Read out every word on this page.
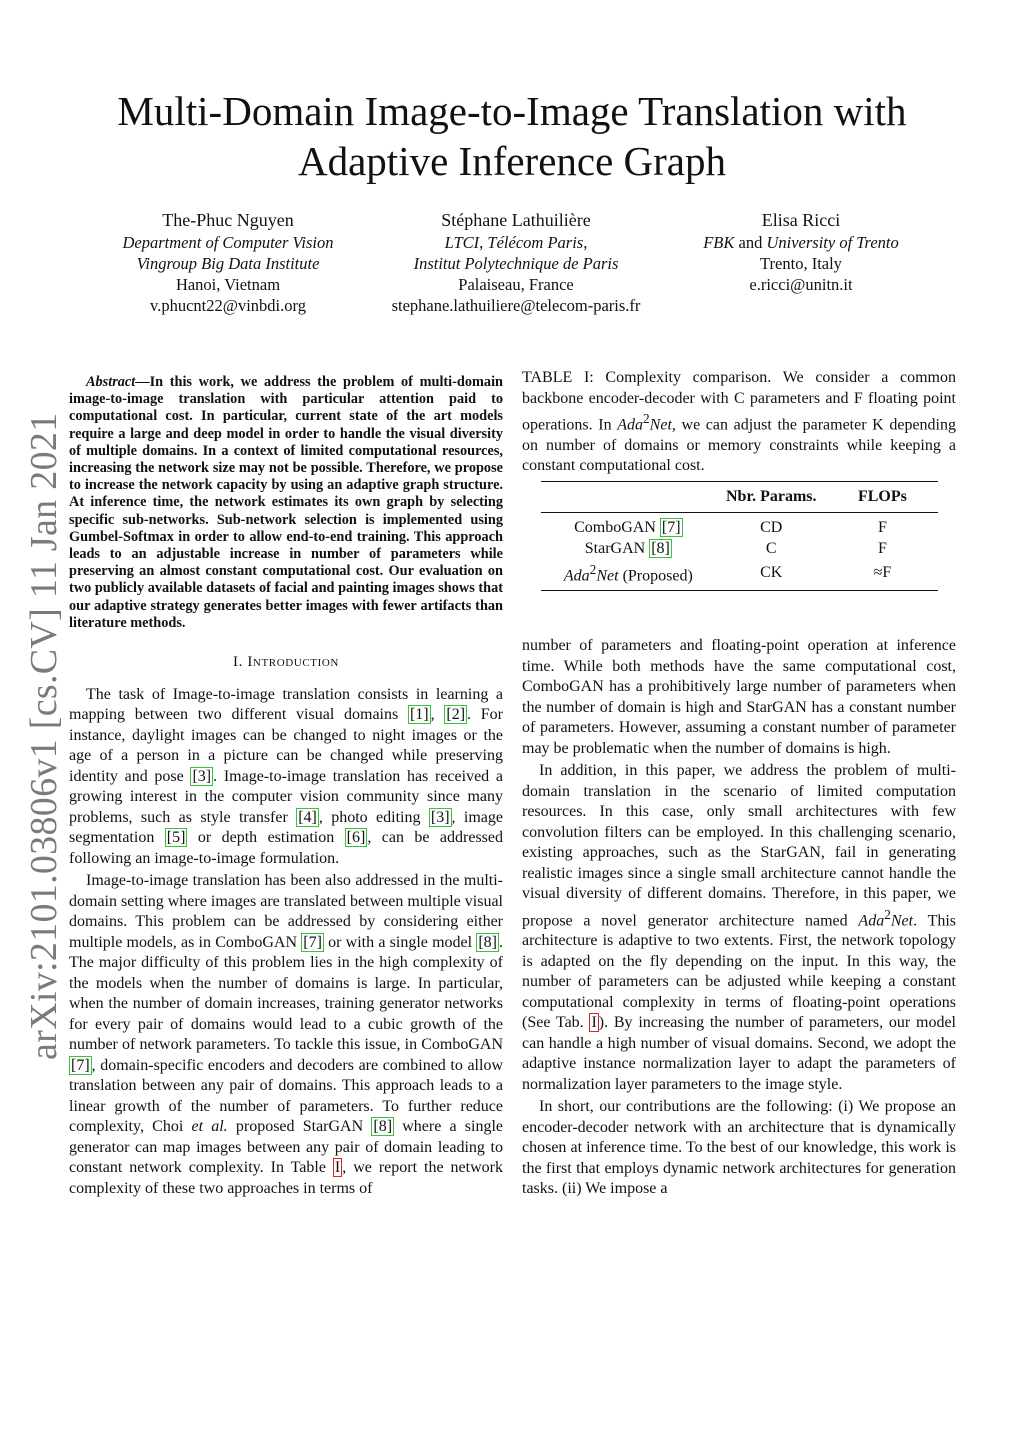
arXiv:2101.03806v1 [cs.CV] 11 Jan 2021
Multi-Domain Image-to-Image Translation with
Adaptive Inference Graph
The-Phuc Nguyen
Department of Computer Vision
Vingroup Big Data Institute
Hanoi, Vietnam
v.phucnt22@vinbdi.org
Stéphane Lathuilière
LTCI, Télécom Paris,
Institut Polytechnique de Paris
Palaiseau, France
stephane.lathuiliere@telecom-paris.fr
Elisa Ricci
FBK and University of Trento
Trento, Italy
e.ricci@unitn.it

Abstract—In this work, we address the problem of multi-domain image-to-image translation with particular attention paid to computational cost. In particular, current state of the art models require a large and deep model in order to handle the visual diversity of multiple domains. In a context of limited computational resources, increasing the network size may not be possible. Therefore, we propose to increase the network capacity by using an adaptive graph structure. At inference time, the network estimates its own graph by selecting specific sub-networks. Sub-network selection is implemented using Gumbel-Softmax in order to allow end-to-end training. This approach leads to an adjustable increase in number of parameters while preserving an almost constant computational cost. Our evaluation on two publicly available datasets of facial and painting images shows that our adaptive strategy generates better images with fewer artifacts than literature methods.

I. Introduction

The task of Image-to-image translation consists in learning a mapping between two different visual domains [1] , [2] . For instance, daylight images can be changed to night images or the age of a person in a picture can be changed while preserving identity and pose [3] . Image-to-image translation has received a growing interest in the computer vision community since many problems, such as style transfer [4] , photo editing [3] , image segmentation [5] or depth estimation [6] , can be addressed following an image-to-image formulation.

Image-to-image translation has been also addressed in the multi-domain setting where images are translated between multiple visual domains. This problem can be addressed by considering either multiple models, as in ComboGAN [7] or with a single model [8] . The major difficulty of this problem lies in the high complexity of the models when the number of domains is large. In particular, when the number of domain increases, training generator networks for every pair of domains would lead to a cubic growth of the number of network parameters. To tackle this issue, in ComboGAN [7] , domain-specific encoders and decoders are combined to allow translation between any pair of domains. This approach leads to a linear growth of the number of parameters. To further reduce complexity, Choi et al. proposed StarGAN [8] where a single generator can map images between any pair of domain leading to constant network complexity. In Table I , we report the network complexity of these two approaches in terms of

TABLE I: Complexity comparison. We consider a common backbone encoder-decoder with C parameters and F floating point operations. In Ada$^2$Net, we can adjust the parameter K depending on number of domains or memory constraints while keeping a constant computational cost.
	Nbr. Params.	FLOPs
ComboGAN [7]	CD	F
StarGAN [8]	C	F
Ada$^2$Net (Proposed)	CK	≈F

number of parameters and floating-point operation at inference time. While both methods have the same computational cost, ComboGAN has a prohibitively large number of parameters when the number of domain is high and StarGAN has a constant number of parameters. However, assuming a constant number of parameter may be problematic when the number of domains is high.

In addition, in this paper, we address the problem of multi-domain translation in the scenario of limited computation resources. In this case, only small architectures with few convolution filters can be employed. In this challenging scenario, existing approaches, such as the StarGAN, fail in generating realistic images since a single small architecture cannot handle the visual diversity of different domains. Therefore, in this paper, we propose a novel generator architecture named Ada$^2$Net. This architecture is adaptive to two extents. First, the network topology is adapted on the fly depending on the input. In this way, the number of parameters can be adjusted while keeping a constant computational complexity in terms of floating-point operations (See Tab. I ). By increasing the number of parameters, our model can handle a high number of visual domains. Second, we adopt the adaptive instance normalization layer to adapt the parameters of normalization layer parameters to the image style.

In short, our contributions are the following: (i) We propose an encoder-decoder network with an architecture that is dynamically chosen at inference time. To the best of our knowledge, this work is the first that employs dynamic network architectures for generation tasks. (ii) We impose a
